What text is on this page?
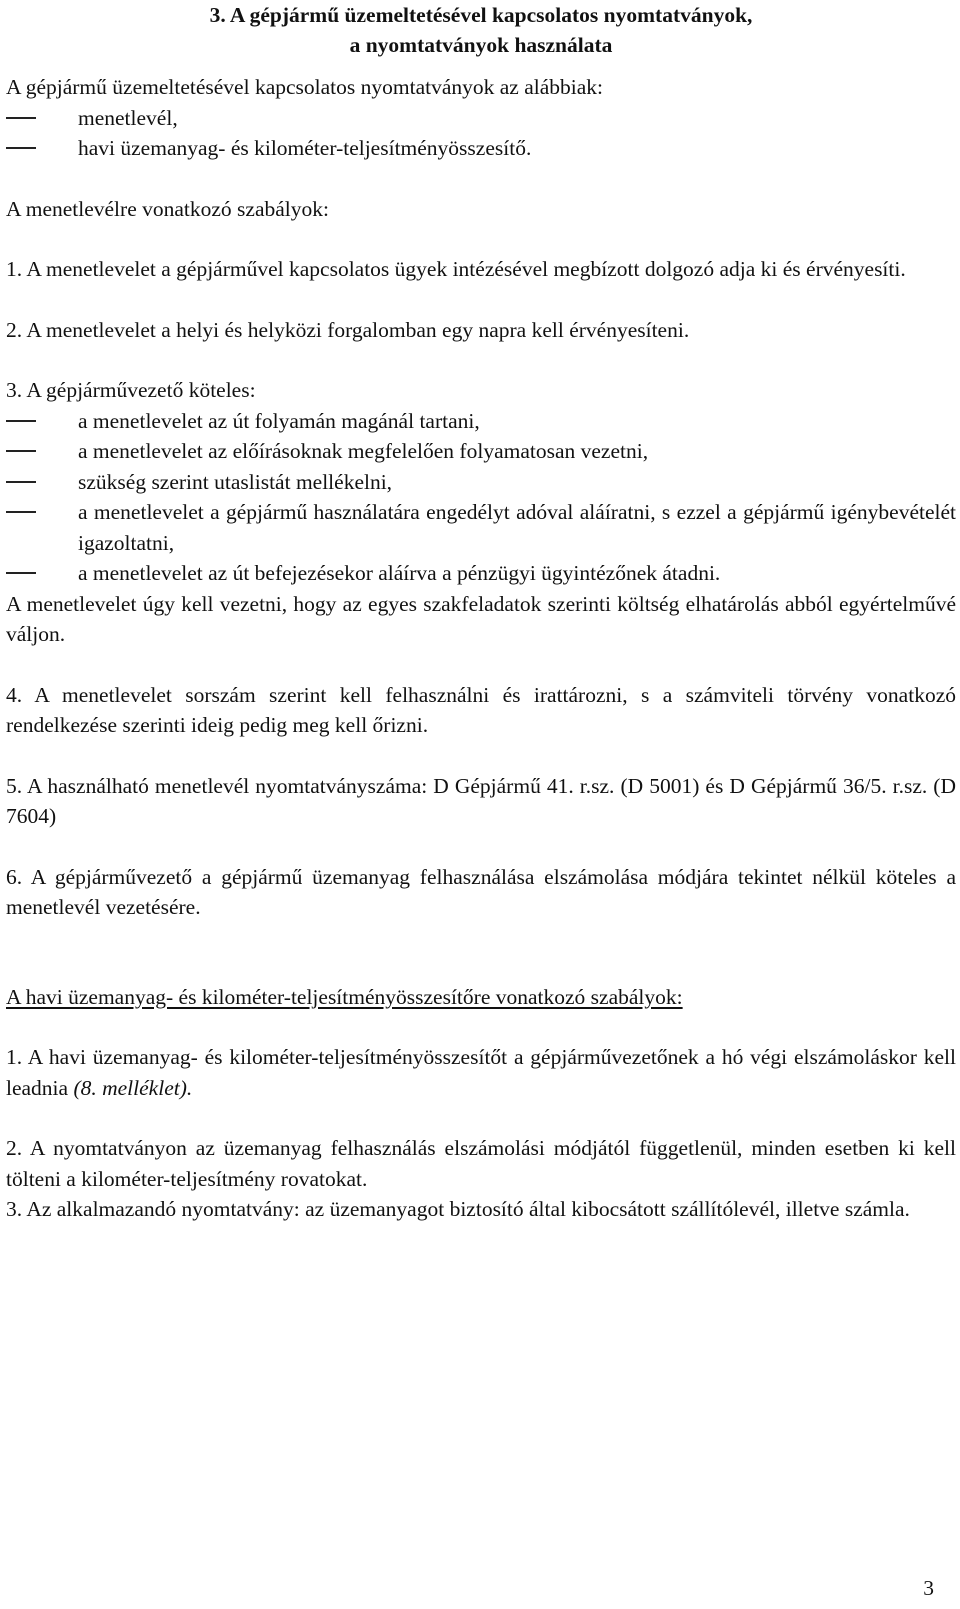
3. A gépjármű üzemeltetésével kapcsolatos nyomtatványok,
a nyomtatványok használata

A gépjármű üzemeltetésével kapcsolatos nyomtatványok az alábbiak:

menetlevél,
havi üzemanyag- és kilométer-teljesítményösszesítő.

A menetlevélre vonatkozó szabályok:

1. A menetlevelet a gépjárművel kapcsolatos ügyek intézésével megbízott dolgozó adja ki és érvényesíti.

2. A menetlevelet a helyi és helyközi forgalomban egy napra kell érvényesíteni.

3. A gépjárművezető köteles:

a menetlevelet az út folyamán magánál tartani,
a menetlevelet az előírásoknak megfelelően folyamatosan vezetni,
szükség szerint utaslistát mellékelni,
a menetlevelet a gépjármű használatára engedélyt adóval aláíratni, s ezzel a gépjármű igénybevételét igazoltatni,
a menetlevelet az út befejezésekor aláírva a pénzügyi ügyintézőnek átadni.

A menetlevelet úgy kell vezetni, hogy az egyes szakfeladatok szerinti költség elhatárolás abból egyértelművé váljon.

4. A menetlevelet sorszám szerint kell felhasználni és irattározni, s a számviteli törvény vonatkozó rendelkezése szerinti ideig pedig meg kell őrizni.

5. A használható menetlevél nyomtatványszáma: D Gépjármű 41. r.sz. (D 5001) és D Gépjármű 36/5. r.sz. (D 7604)

6. A gépjárművezető a gépjármű üzemanyag felhasználása elszámolása módjára tekintet nélkül köteles a menetlevél vezetésére.

A havi üzemanyag- és kilométer-teljesítményösszesítőre vonatkozó szabályok:

1. A havi üzemanyag- és kilométer-teljesítményösszesítőt a gépjárművezetőnek a hó végi elszámoláskor kell leadnia (8. melléklet).

2. A nyomtatványon az üzemanyag felhasználás elszámolási módjától függetlenül, minden esetben ki kell tölteni a kilométer-teljesítmény rovatokat.

3. Az alkalmazandó nyomtatvány: az üzemanyagot biztosító által kibocsátott szállítólevél, illetve számla.

3
